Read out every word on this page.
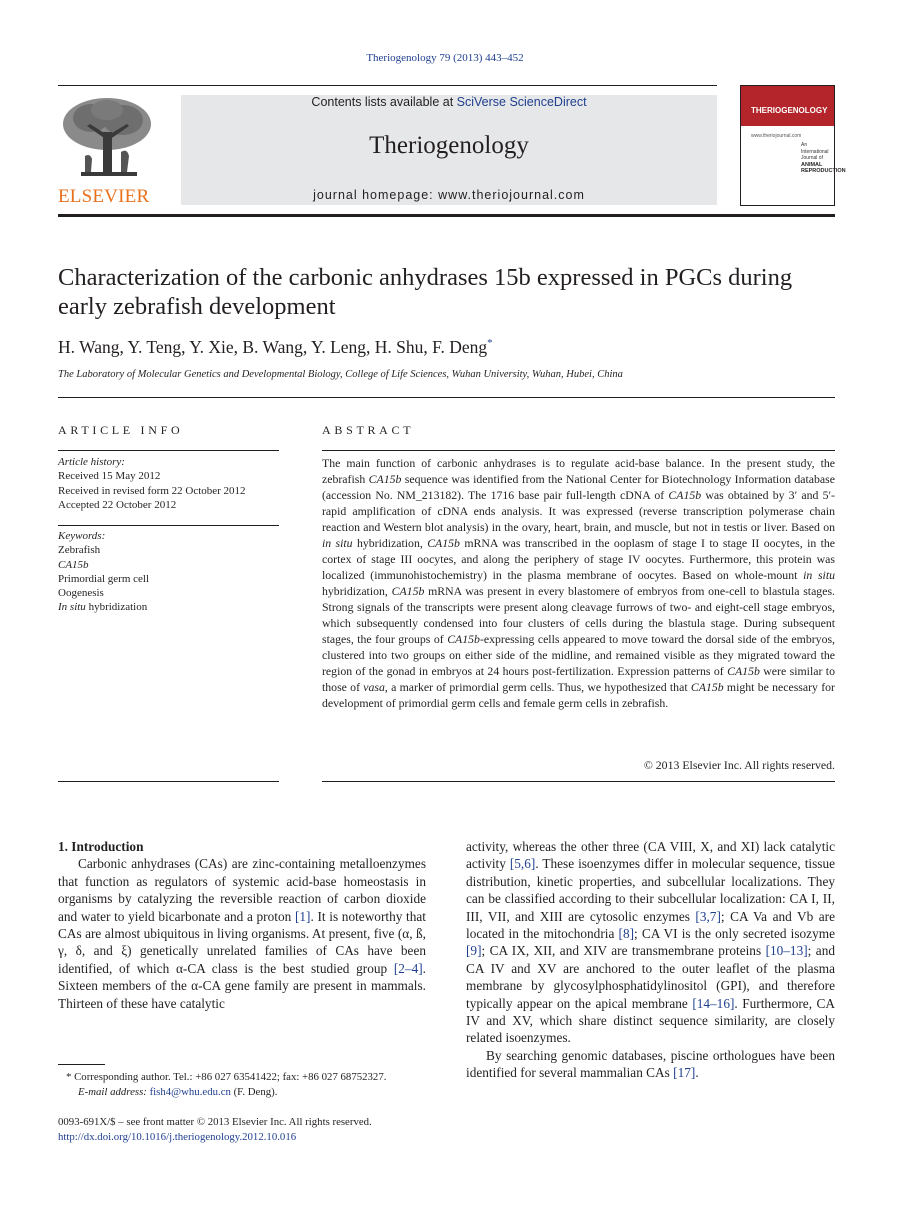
Theriogenology 79 (2013) 443–452
ELSEVIER
Contents lists available at SciVerse ScienceDirect
Theriogenology
journal homepage: www.theriojournal.com
THERIOGENOLOGY
www.theriojournal.com
An International
Journal of
ANIMAL
REPRODUCTION
Characterization of the carbonic anhydrases 15b expressed in PGCs during early zebrafish development
H. Wang, Y. Teng, Y. Xie, B. Wang, Y. Leng, H. Shu, F. Deng*
The Laboratory of Molecular Genetics and Developmental Biology, College of Life Sciences, Wuhan University, Wuhan, Hubei, China
ARTICLE INFO
Article history:
Received 15 May 2012
Received in revised form 22 October 2012
Accepted 22 October 2012
Keywords:
Zebrafish
CA15b
Primordial germ cell
Oogenesis
In situ hybridization
ABSTRACT
The main function of carbonic anhydrases is to regulate acid-base balance. In the present study, the zebrafish CA15b sequence was identified from the National Center for Biotechnology Information database (accession No. NM_213182). The 1716 base pair full-length cDNA of CA15b was obtained by 3′ and 5′-rapid amplification of cDNA ends analysis. It was expressed (reverse transcription polymerase chain reaction and Western blot analysis) in the ovary, heart, brain, and muscle, but not in testis or liver. Based on in situ hybridization, CA15b mRNA was transcribed in the ooplasm of stage I to stage II oocytes, in the cortex of stage III oocytes, and along the periphery of stage IV oocytes. Furthermore, this protein was localized (immunohistochemistry) in the plasma membrane of oocytes. Based on whole-mount in situ hybridization, CA15b mRNA was present in every blastomere of embryos from one-cell to blastula stages. Strong signals of the transcripts were present along cleavage furrows of two- and eight-cell stage embryos, which subsequently condensed into four clusters of cells during the blastula stage. During subsequent stages, the four groups of CA15b-expressing cells appeared to move toward the dorsal side of the embryos, clustered into two groups on either side of the midline, and remained visible as they migrated toward the region of the gonad in embryos at 24 hours post-fertilization. Expression patterns of CA15b were similar to those of vasa, a marker of primordial germ cells. Thus, we hypothesized that CA15b might be necessary for development of primordial germ cells and female germ cells in zebrafish.
© 2013 Elsevier Inc. All rights reserved.

1. Introduction

Carbonic anhydrases (CAs) are zinc-containing metalloenzymes that function as regulators of systemic acid-base homeostasis in organisms by catalyzing the reversible reaction of carbon dioxide and water to yield bicarbonate and a proton [1]. It is noteworthy that CAs are almost ubiquitous in living organisms. At present, five (α, ß, γ, δ, and ξ) genetically unrelated families of CAs have been identified, of which α-CA class is the best studied group [2–4]. Sixteen members of the α-CA gene family are present in mammals. Thirteen of these have catalytic

activity, whereas the other three (CA VIII, X, and XI) lack catalytic activity [5,6]. These isoenzymes differ in molecular sequence, tissue distribution, kinetic properties, and subcellular localizations. They can be classified according to their subcellular localization: CA I, II, III, VII, and XIII are cytosolic enzymes [3,7]; CA Va and Vb are located in the mitochondria [8]; CA VI is the only secreted isozyme [9]; CA IX, XII, and XIV are transmembrane proteins [10–13]; and CA IV and XV are anchored to the outer leaflet of the plasma membrane by glycosylphosphatidylinositol (GPI), and therefore typically appear on the apical membrane [14–16]. Furthermore, CA IV and XV, which share distinct sequence similarity, are closely related isoenzymes.

By searching genomic databases, piscine orthologues have been identified for several mammalian CAs [17].

* Corresponding author. Tel.: +86 027 63541422; fax: +86 027 68752327.
E-mail address: fish4@whu.edu.cn (F. Deng).
0093-691X/$ – see front matter © 2013 Elsevier Inc. All rights reserved.
http://dx.doi.org/10.1016/j.theriogenology.2012.10.016
